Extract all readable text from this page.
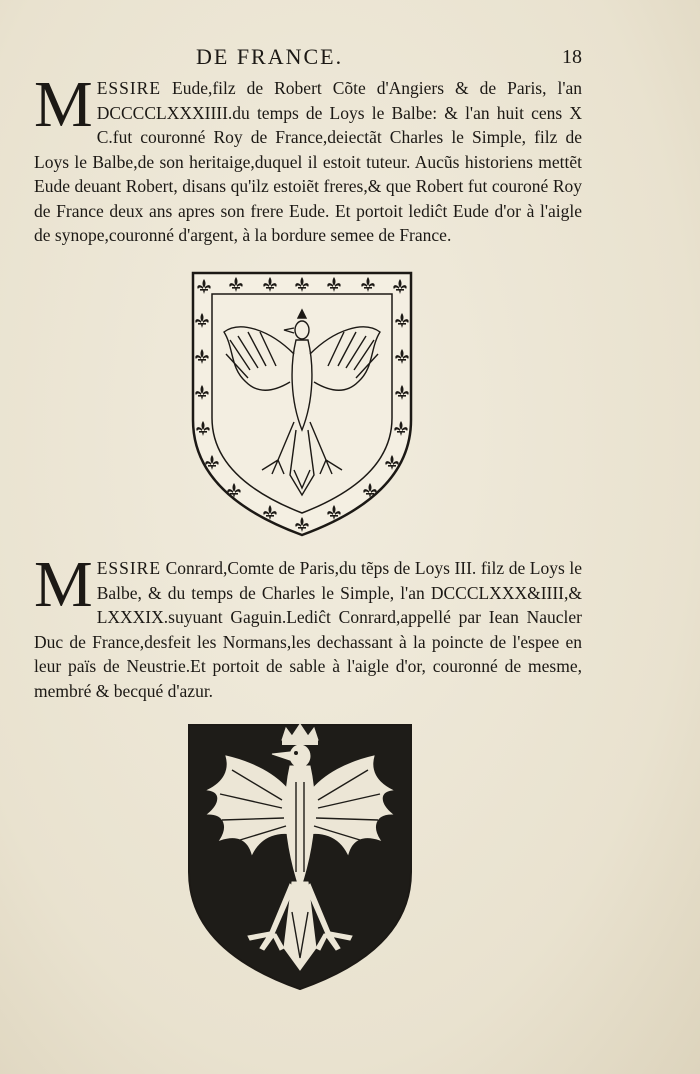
DE FRANCE.	18
M ESSIRE Eude,filz de Robert Cõte d'Angiers & de Paris, l'an DCCCCLXXXIIII.du temps de Loys le Balbe: & l'an huit cens X C.fut couronné Roy de France,deiectãt Charles le Simple, filz de Loys le Balbe,de son heritaige,duquel il estoit tuteur. Aucũs historiens mettẽt Eude deuant Robert, disans qu'ilz estoiẽt freres,& que Robert fut couroné Roy de France deux ans apres son frere Eude. Et portoit lediĉt Eude d'or à l'aigle de synope,couronné d'argent, à la bordure semee de France.

M ESSIRE Conrard,Comte de Paris,du tẽps de Loys III. filz de Loys le Balbe, & du temps de Charles le Simple, l'an DCCCLXXX&IIII,& LXXXIX.suyuant Gaguin.Lediĉt Conrard,appellé par Iean Naucler Duc de France,desfeit les Normans,les dechassant à la poincte de l'espee en leur païs de Neustrie.Et portoit de sable à l'aigle d'or, couronné de mesme, membré & becqué d'azur.
